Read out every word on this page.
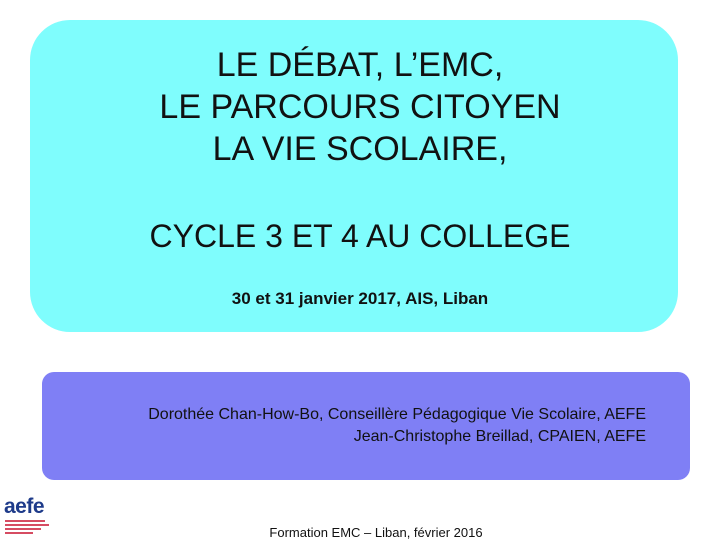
LE DÉBAT, L’EMC,
LE PARCOURS CITOYEN
LA VIE SCOLAIRE,
CYCLE 3 ET 4 AU COLLEGE
30 et 31 janvier 2017, AIS, Liban
Dorothée Chan-How-Bo, Conseillère Pédagogique Vie Scolaire, AEFE
Jean-Christophe Breillad, CPAIEN, AEFE
aefe
Formation EMC – Liban, février 2016
